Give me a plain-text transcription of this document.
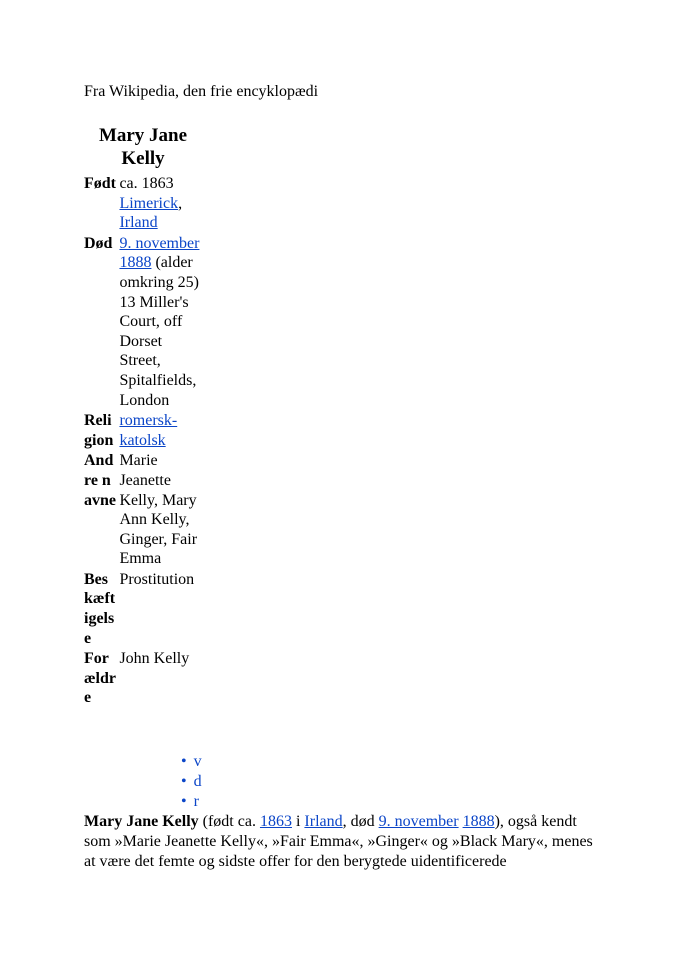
Fra Wikipedia, den frie encyklopædi
Mary Jane Kelly
Født ca. 1863
Limerick, Irland
Død 9. november 1888 (alder omkring 25) 13 Miller's Court, off Dorset Street, Spitalfields, London
Religion
romersk-katolsk
Andre navne
Marie Jeanette Kelly, Mary Ann Kelly, Ginger, Fair Emma
Beskæftigelse
Prostitution
Forældre
John Kelly
• v
• d
• r
Mary Jane Kelly (født ca. 1863 i Irland, død 9. november 1888), også kendt som »Marie Jeanette Kelly«, »Fair Emma«, »Ginger« og »Black Mary«, menes at være det femte og sidste offer for den berygtede uidentificerede
